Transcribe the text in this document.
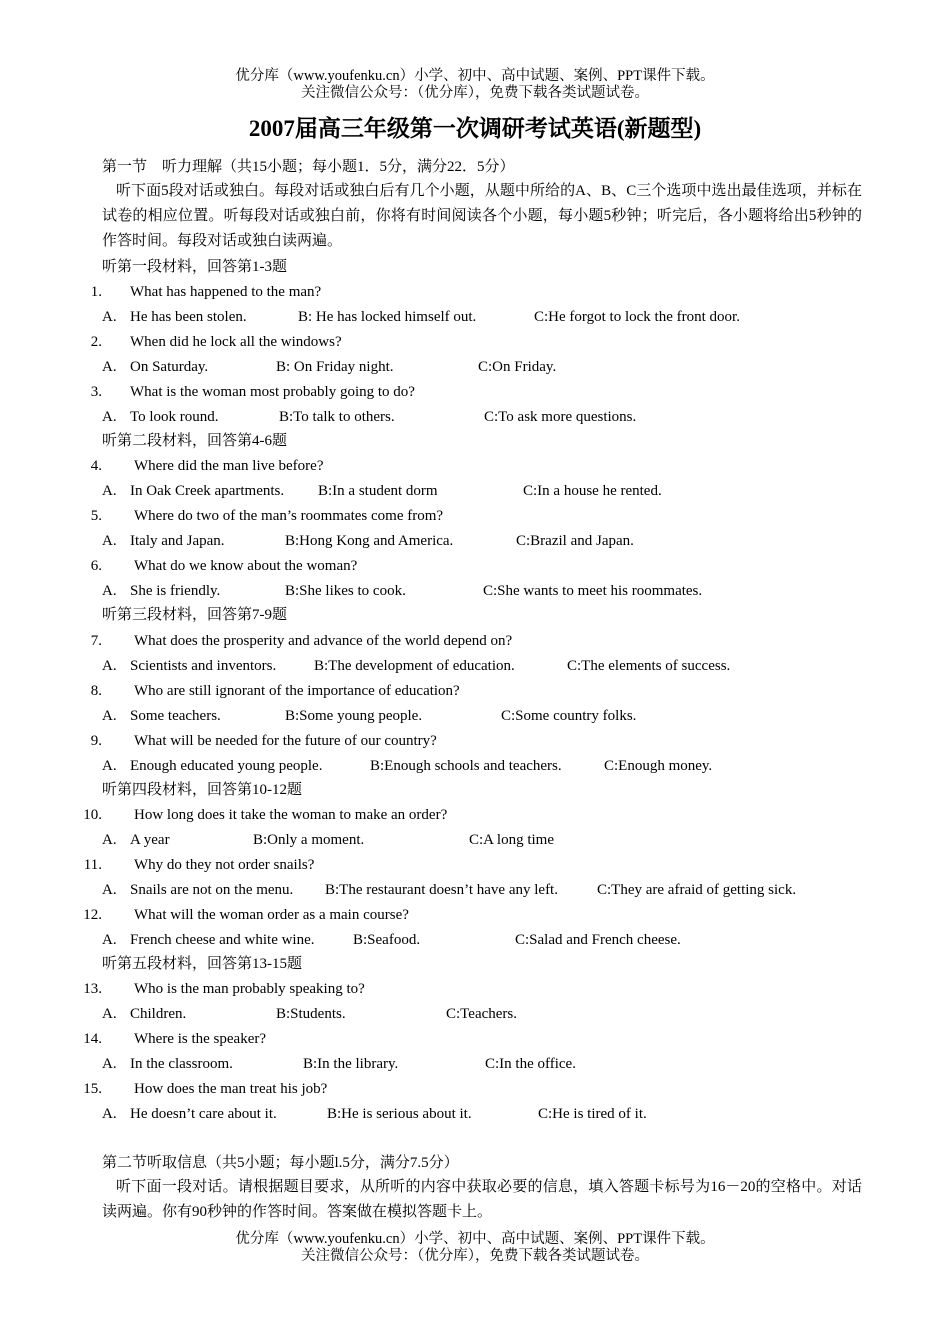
优分库（www.youfenku.cn）小学、初中、高中试题、案例、PPT课件下载。
关注微信公众号：（优分库），免费下载各类试题试卷。
2007届高三年级第一次调研考试英语(新题型)
第一节　听力理解（共15小题；每小题1．5分，满分22．5分）
听下面5段对话或独白。每段对话或独白后有几个小题，从题中所给的A、B、C三个选项中选出最佳选项，并标在试卷的相应位置。听每段对话或独白前，你将有时间阅读各个小题，每小题5秒钟；听完后，各小题将给出5秒钟的作答时间。每段对话或独白读两遍。
听第一段材料，回答第1-3题
1. What has happened to the man?
A. He has been stolen.	B: He has locked himself out.	C:He forgot to lock the front door.
2. When did he lock all the windows?
A. On Saturday.	B: On Friday night.	C:On Friday.
3. What is the woman most probably going to do?
A. To look round.	B:To talk to others.	C:To ask more questions.
听第二段材料，回答第4-6题
4. Where did the man live before?
A. In Oak Creek apartments. B:In a student dorm	C:In a house he rented.
5. Where do two of the man’s roommates come from?
A. Italy and Japan.	B:Hong Kong and America.	C:Brazil and Japan.
6. What do we know about the woman?
A. She is friendly.	B:She likes to cook.	C:She wants to meet his roommates.
听第三段材料，回答第7-9题
7. What does the prosperity and advance of the world depend on?
A. Scientists and inventors.	B:The development of education.	C:The elements of success.
8. Who are still ignorant of the importance of education?
A. Some teachers.	B:Some young people.	C:Some country folks.
9. What will be needed for the future of our country?
A. Enough educated young people.	B:Enough schools and teachers.	C:Enough money.
听第四段材料，回答第10-12题
10. How long does it take the woman to make an order?
A. A year	B:Only a moment.	C:A long time
11. Why do they not order snails?
A. Snails are not on the menu. B:The restaurant doesn’t have any left.	C:They are afraid of getting sick.
12. What will the woman order as a main course?
A. French cheese and white wine.	B:Seafood.	C:Salad and French cheese.
听第五段材料，回答第13-15题
13. Who is the man probably speaking to?
A. Children.	B:Students.	C:Teachers.
14. Where is the speaker?
A. In the classroom.	B:In the library.	C:In the office.
15. How does the man treat his job?
A. He doesn’t care about it.	B:He is serious about it.	C:He is tired of it.
第二节听取信息（共5小题；每小题l.5分，满分7.5分）
听下面一段对话。请根据题目要求，从所听的内容中获取必要的信息，填入答题卡标号为16－20的空格中。对话读两遍。你有90秒钟的作答时间。答案做在模拟答题卡上。
优分库（www.youfenku.cn）小学、初中、高中试题、案例、PPT课件下载。
关注微信公众号：（优分库），免费下载各类试题试卷。
